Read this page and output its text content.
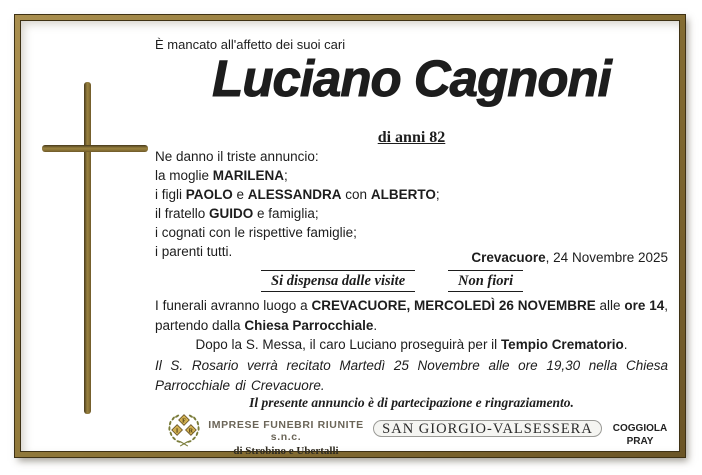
È mancato all'affetto dei suoi cari
Luciano Cagnoni
di anni 82
Ne danno il triste annuncio:
la moglie MARILENA;
i figli PAOLO e ALESSANDRA con ALBERTO;
il fratello GUIDO e famiglia;
i cognati con le rispettive famiglie;
i parenti tutti.	Crevacuore, 24 Novembre 2025
Si dispensa dalle visite	Non fiori
I funerali avranno luogo a CREVACUORE, MERCOLEDÌ 26 NOVEMBRE alle ore 14, partendo dalla Chiesa Parrocchiale.
Dopo la S. Messa, il caro Luciano proseguirà per il Tempio Crematorio.
Il S. Rosario verrà recitato Martedì 25 Novembre alle ore 19,30 nella Chiesa Parrocchiale di Crevacuore.
Il presente annuncio è di partecipazione e ringraziamento.
F
I R
IMPRESE FUNEBRI RIUNITE s.n.c.
di Strobino e Ubertalli
SAN GIORGIO-VALSESSERA	COGGIOLA
PRAY
